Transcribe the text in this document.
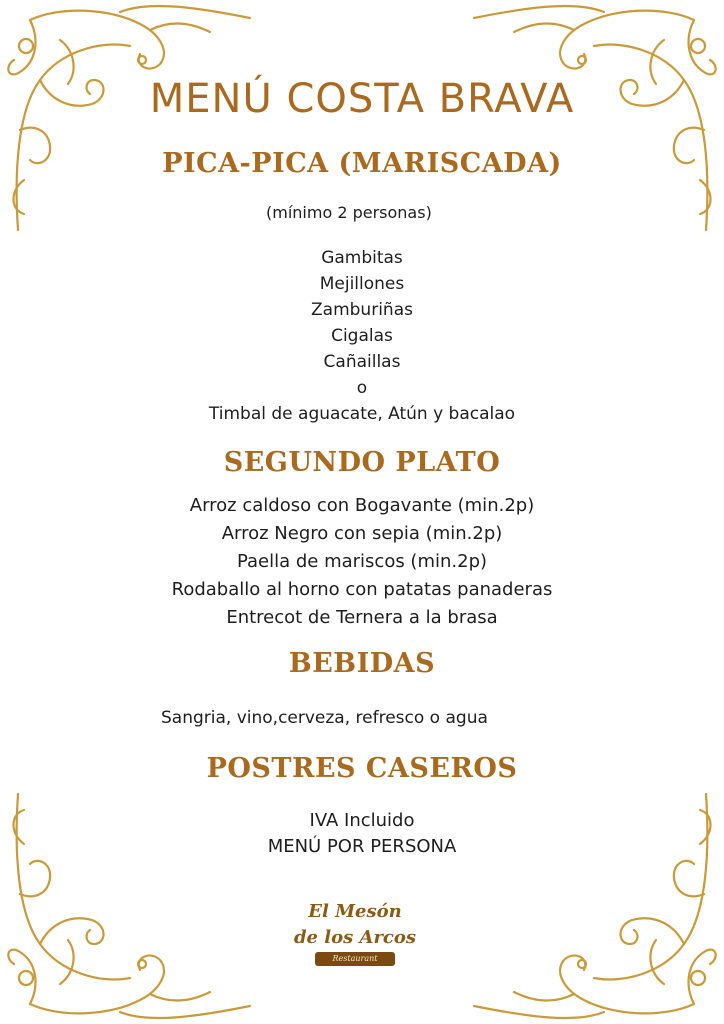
MENÚ COSTA BRAVA
PICA-PICA (MARISCADA)
(mínimo 2 personas)
Gambitas
Mejillones
Zamburiñas
Cigalas
Cañaillas
o
Timbal de aguacate, Atún y bacalao
SEGUNDO PLATO
Arroz caldoso con Bogavante (min.2p)
Arroz Negro con sepia (min.2p)
Paella de mariscos (min.2p)
Rodaballo al horno con patatas panaderas
Entrecot de Ternera a la brasa
BEBIDAS
Sangria, vino,cerveza, refresco o agua
POSTRES CASEROS
IVA Incluido
MENÚ POR PERSONA
El Mesón
de los Arcos
Restaurant
